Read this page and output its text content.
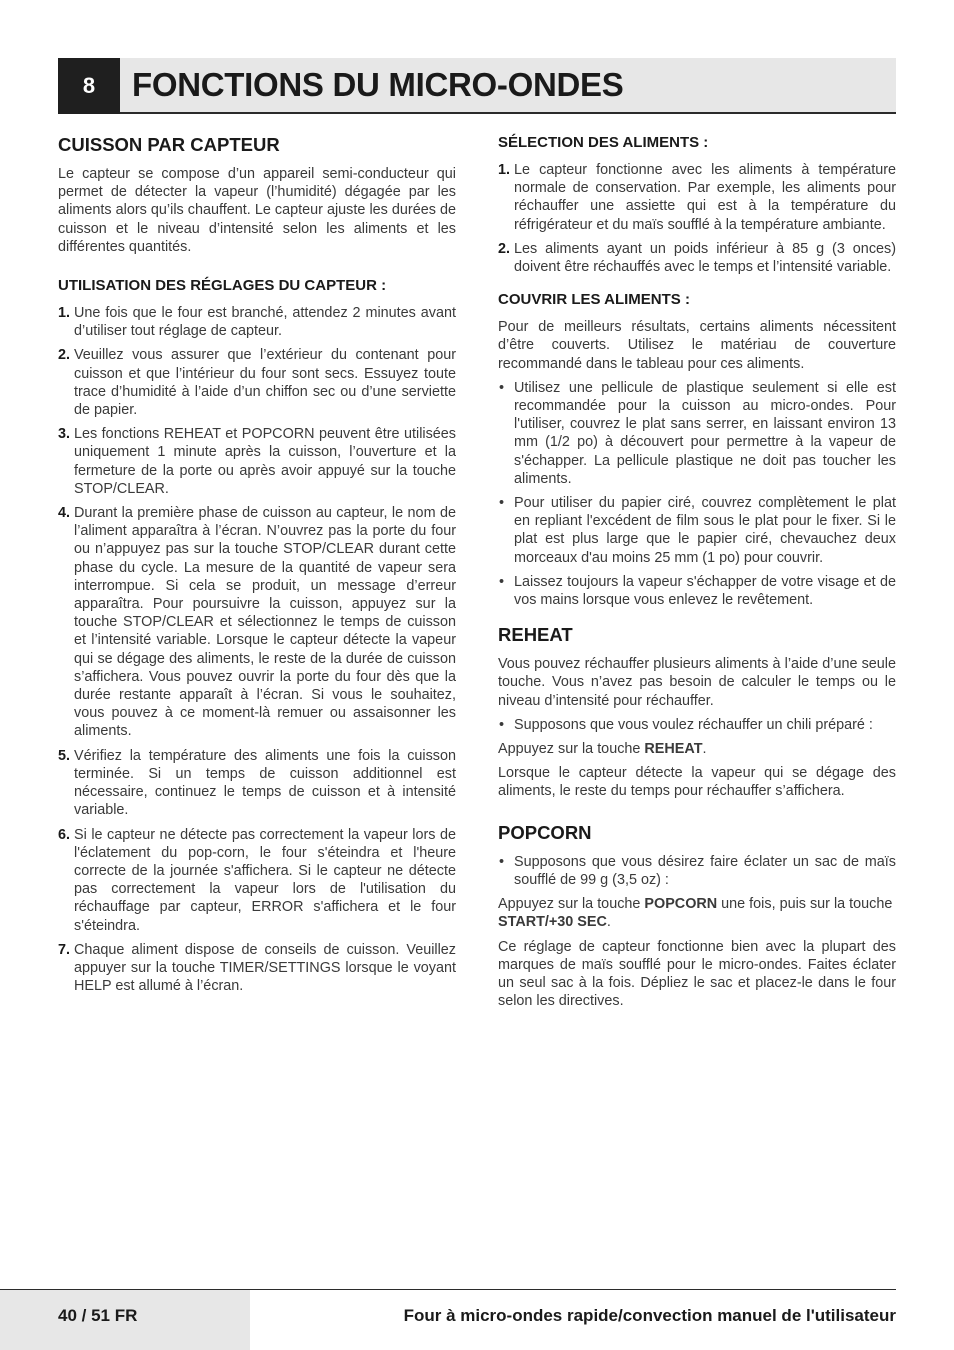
8 FONCTIONS DU MICRO-ONDES
CUISSON PAR CAPTEUR

Le capteur se compose d’un appareil semi-conducteur qui permet de détecter la vapeur (l’humidité) dégagée par les aliments alors qu’ils chauffent. Le capteur ajuste les durées de cuisson et le niveau d’intensité selon les aliments et les différentes quantités.

UTILISATION DES RÉGLAGES DU CAPTEUR :
1. Une fois que le four est branché, attendez 2 minutes avant d’utiliser tout réglage de capteur.
2. Veuillez vous assurer que l’extérieur du contenant pour cuisson et que l’intérieur du four sont secs. Essuyez toute trace d’humidité à l’aide d’un chiffon sec ou d’une serviette de papier.
3. Les fonctions REHEAT et POPCORN peuvent être utilisées uniquement 1 minute après la cuisson, l’ouverture et la fermeture de la porte ou après avoir appuyé sur la touche STOP/CLEAR.
4. Durant la première phase de cuisson au capteur, le nom de l’aliment apparaîtra à l’écran. N’ouvrez pas la porte du four ou n’appuyez pas sur la touche STOP/CLEAR durant cette phase du cycle. La mesure de la quantité de vapeur sera interrompue. Si cela se produit, un message d’erreur apparaîtra. Pour poursuivre la cuisson, appuyez sur la touche STOP/CLEAR et sélectionnez le temps de cuisson et l’intensité variable. Lorsque le capteur détecte la vapeur qui se dégage des aliments, le reste de la durée de cuisson s’affichera. Vous pouvez ouvrir la porte du four dès que la durée restante apparaît à l’écran. Si vous le souhaitez, vous pouvez à ce moment-là remuer ou assaisonner les aliments.
5. Vérifiez la température des aliments une fois la cuisson terminée. Si un temps de cuisson additionnel est nécessaire, continuez le temps de cuisson et à intensité variable.
6. Si le capteur ne détecte pas correctement la vapeur lors de l'éclatement du pop-corn, le four s'éteindra et l'heure correcte de la journée s'affichera. Si le capteur ne détecte pas correctement la vapeur lors de l'utilisation du réchauffage par capteur, ERROR s'affichera et le four s'éteindra.
7. Chaque aliment dispose de conseils de cuisson. Veuillez appuyer sur la touche TIMER/SETTINGS lorsque le voyant HELP est allumé à l’écran.
SÉLECTION DES ALIMENTS :
1. Le capteur fonctionne avec les aliments à température normale de conservation. Par exemple, les aliments pour réchauffer une assiette qui est à la température du réfrigérateur et du maïs soufflé à la température ambiante.
2. Les aliments ayant un poids inférieur à 85 g (3 onces) doivent être réchauffés avec le temps et l’intensité variable.
COUVRIR LES ALIMENTS :

Pour de meilleurs résultats, certains aliments nécessitent d’être couverts. Utilisez le matériau de couverture recommandé dans le tableau pour ces aliments.

• Utilisez une pellicule de plastique seulement si elle est recommandée pour la cuisson au micro-ondes. Pour l'utiliser, couvrez le plat sans serrer, en laissant environ 13 mm (1/2 po) à découvert pour permettre à la vapeur de s'échapper. La pellicule plastique ne doit pas toucher les aliments.
• Pour utiliser du papier ciré, couvrez complètement le plat en repliant l'excédent de film sous le plat pour le fixer. Si le plat est plus large que le papier ciré, chevauchez deux morceaux d'au moins 25 mm (1 po) pour couvrir.
• Laissez toujours la vapeur s'échapper de votre visage et de vos mains lorsque vous enlevez le revêtement.
REHEAT

Vous pouvez réchauffer plusieurs aliments à l’aide d’une seule touche. Vous n’avez pas besoin de calculer le temps ou le niveau d’intensité pour réchauffer.

• Supposons que vous voulez réchauffer un chili préparé :

Appuyez sur la touche REHEAT.

Lorsque le capteur détecte la vapeur qui se dégage des aliments, le reste du temps pour réchauffer s’affichera.

POPCORN
• Supposons que vous désirez faire éclater un sac de maïs soufflé de 99 g (3,5 oz) :

Appuyez sur la touche POPCORN une fois, puis sur la touche START/+30 SEC.

Ce réglage de capteur fonctionne bien avec la plupart des marques de maïs soufflé pour le micro-ondes. Faites éclater un seul sac à la fois. Dépliez le sac et placez-le dans le four selon les directives.

40 / 51 FR	Four à micro-ondes rapide/convection manuel de l'utilisateur
